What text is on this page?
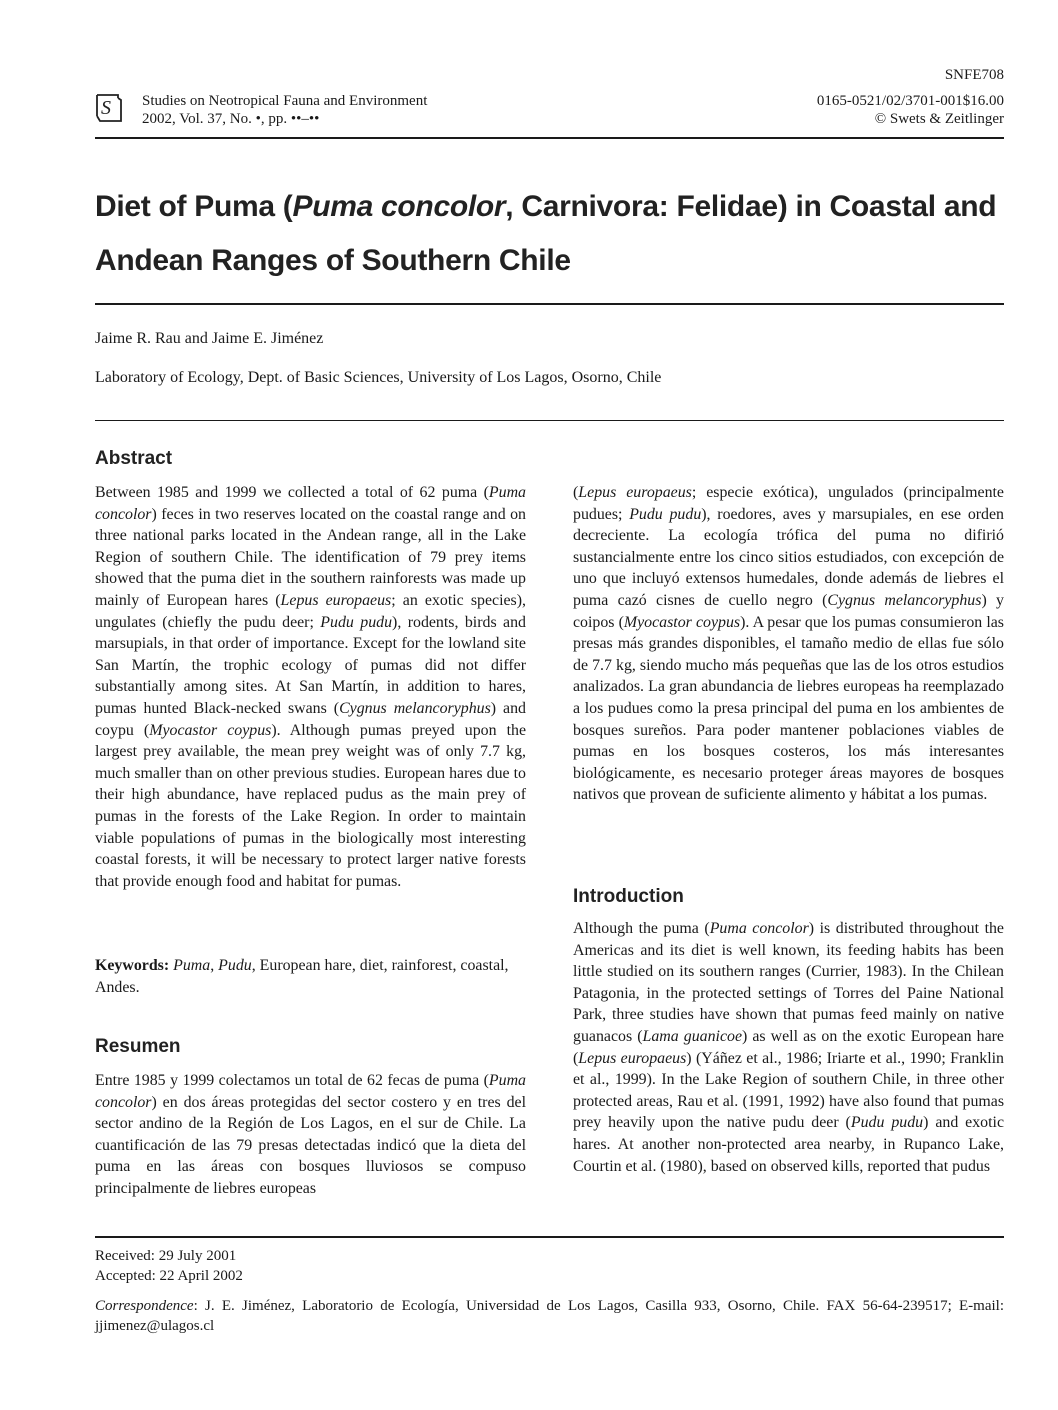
S Studies on Neotropical Fauna and Environment
2002, Vol. 37, No. •, pp. ••–••
SNFE708
0165-0521/02/3701-001$16.00
© Swets & Zeitlinger
Diet of Puma (Puma concolor, Carnivora: Felidae) in Coastal and Andean Ranges of Southern Chile
Jaime R. Rau and Jaime E. Jiménez
Laboratory of Ecology, Dept. of Basic Sciences, University of Los Lagos, Osorno, Chile
Abstract

Between 1985 and 1999 we collected a total of 62 puma (Puma concolor) feces in two reserves located on the coastal range and on three national parks located in the Andean range, all in the Lake Region of southern Chile. The identification of 79 prey items showed that the puma diet in the southern rainforests was made up mainly of European hares (Lepus europaeus; an exotic species), ungulates (chiefly the pudu deer; Pudu pudu), rodents, birds and marsupials, in that order of importance. Except for the lowland site San Martín, the trophic ecology of pumas did not differ substantially among sites. At San Martín, in addition to hares, pumas hunted Black-necked swans (Cygnus melancoryphus) and coypu (Myocastor coypus). Although pumas preyed upon the largest prey available, the mean prey weight was of only 7.7 kg, much smaller than on other previous studies. European hares due to their high abundance, have replaced pudus as the main prey of pumas in the forests of the Lake Region. In order to maintain viable populations of pumas in the biologically most interesting coastal forests, it will be necessary to protect larger native forests that provide enough food and habitat for pumas.

Keywords: Puma, Pudu, European hare, diet, rainforest, coastal, Andes.
Resumen

Entre 1985 y 1999 colectamos un total de 62 fecas de puma (Puma concolor) en dos áreas protegidas del sector costero y en tres del sector andino de la Región de Los Lagos, en el sur de Chile. La cuantificación de las 79 presas detectadas indicó que la dieta del puma en las áreas con bosques lluviosos se compuso principalmente de liebres europeas

(Lepus europaeus; especie exótica), ungulados (principalmente pudues; Pudu pudu), roedores, aves y marsupiales, en ese orden decreciente. La ecología trófica del puma no difirió sustancialmente entre los cinco sitios estudiados, con excepción de uno que incluyó extensos humedales, donde además de liebres el puma cazó cisnes de cuello negro (Cygnus melancoryphus) y coipos (Myocastor coypus). A pesar que los pumas consumieron las presas más grandes disponibles, el tamaño medio de ellas fue sólo de 7.7 kg, siendo mucho más pequeñas que las de los otros estudios analizados. La gran abundancia de liebres europeas ha reemplazado a los pudues como la presa principal del puma en los ambientes de bosques sureños. Para poder mantener poblaciones viables de pumas en los bosques costeros, los más interesantes biológicamente, es necesario proteger áreas mayores de bosques nativos que provean de suficiente alimento y hábitat a los pumas.

Introduction

Although the puma (Puma concolor) is distributed throughout the Americas and its diet is well known, its feeding habits has been little studied on its southern ranges (Currier, 1983). In the Chilean Patagonia, in the protected settings of Torres del Paine National Park, three studies have shown that pumas feed mainly on native guanacos (Lama guanicoe) as well as on the exotic European hare (Lepus europaeus) (Yáñez et al., 1986; Iriarte et al., 1990; Franklin et al., 1999). In the Lake Region of southern Chile, in three other protected areas, Rau et al. (1991, 1992) have also found that pumas prey heavily upon the native pudu deer (Pudu pudu) and exotic hares. At another non-protected area nearby, in Rupanco Lake, Courtin et al. (1980), based on observed kills, reported that pudus

Received: 29 July 2001
Accepted: 22 April 2002
Correspondence: J. E. Jiménez, Laboratorio de Ecología, Universidad de Los Lagos, Casilla 933, Osorno, Chile. FAX 56-64-239517; E-mail: jjimenez@ulagos.cl
